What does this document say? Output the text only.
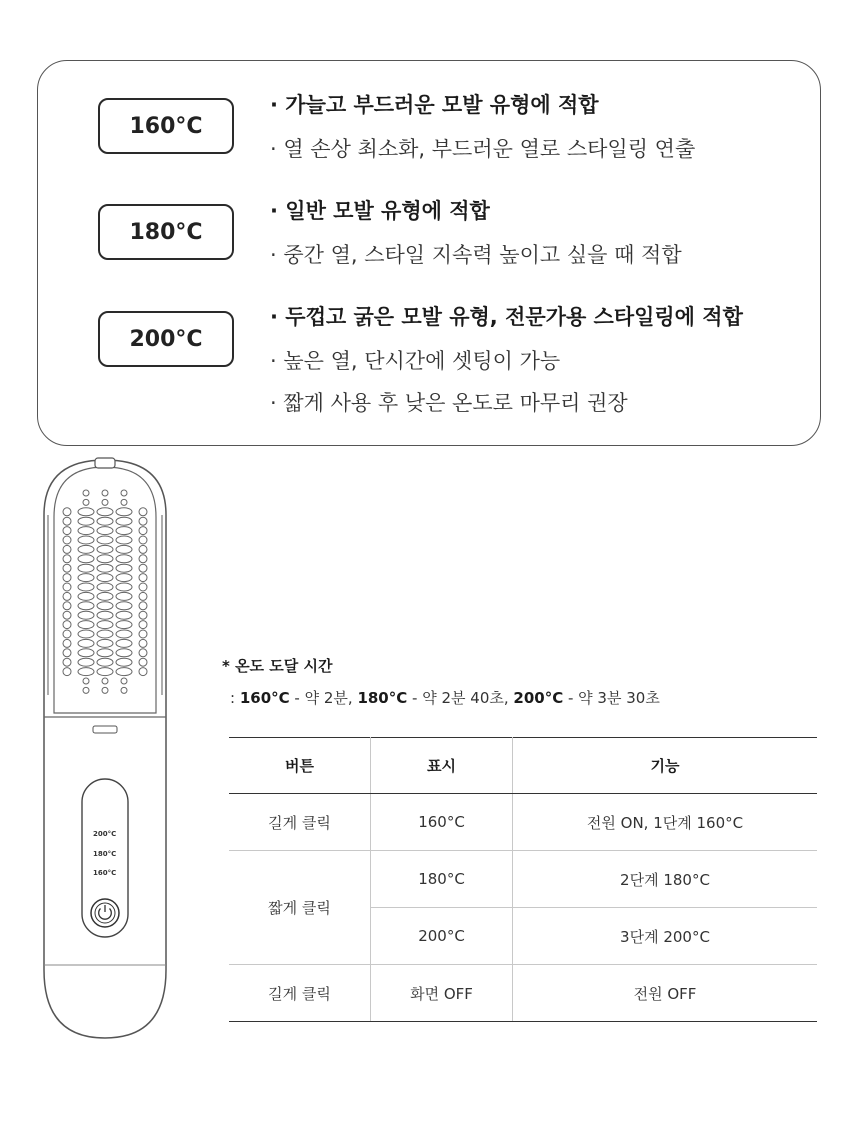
160°C
· 가늘고 부드러운 모발 유형에 적합
· 열 손상 최소화, 부드러운 열로 스타일링 연출
180°C
· 일반 모발 유형에 적합
· 중간 열, 스타일 지속력 높이고 싶을 때 적합
200°C
· 두껍고 굵은 모발 유형, 전문가용 스타일링에 적합
· 높은 열, 단시간에 셋팅이 가능
· 짧게 사용 후 낮은 온도로 마무리 권장
200°C
180°C
160°C
* 온도 도달 시간
: 160°C - 약 2분, 180°C - 약 2분 40초, 200°C - 약 3분 30초
버튼	표시	기능
길게 클릭	160°C	전원 ON, 1단계 160°C
짧게 클릭	180°C	2단계 180°C
	200°C	3단계 200°C
길게 클릭	화면 OFF	전원 OFF
